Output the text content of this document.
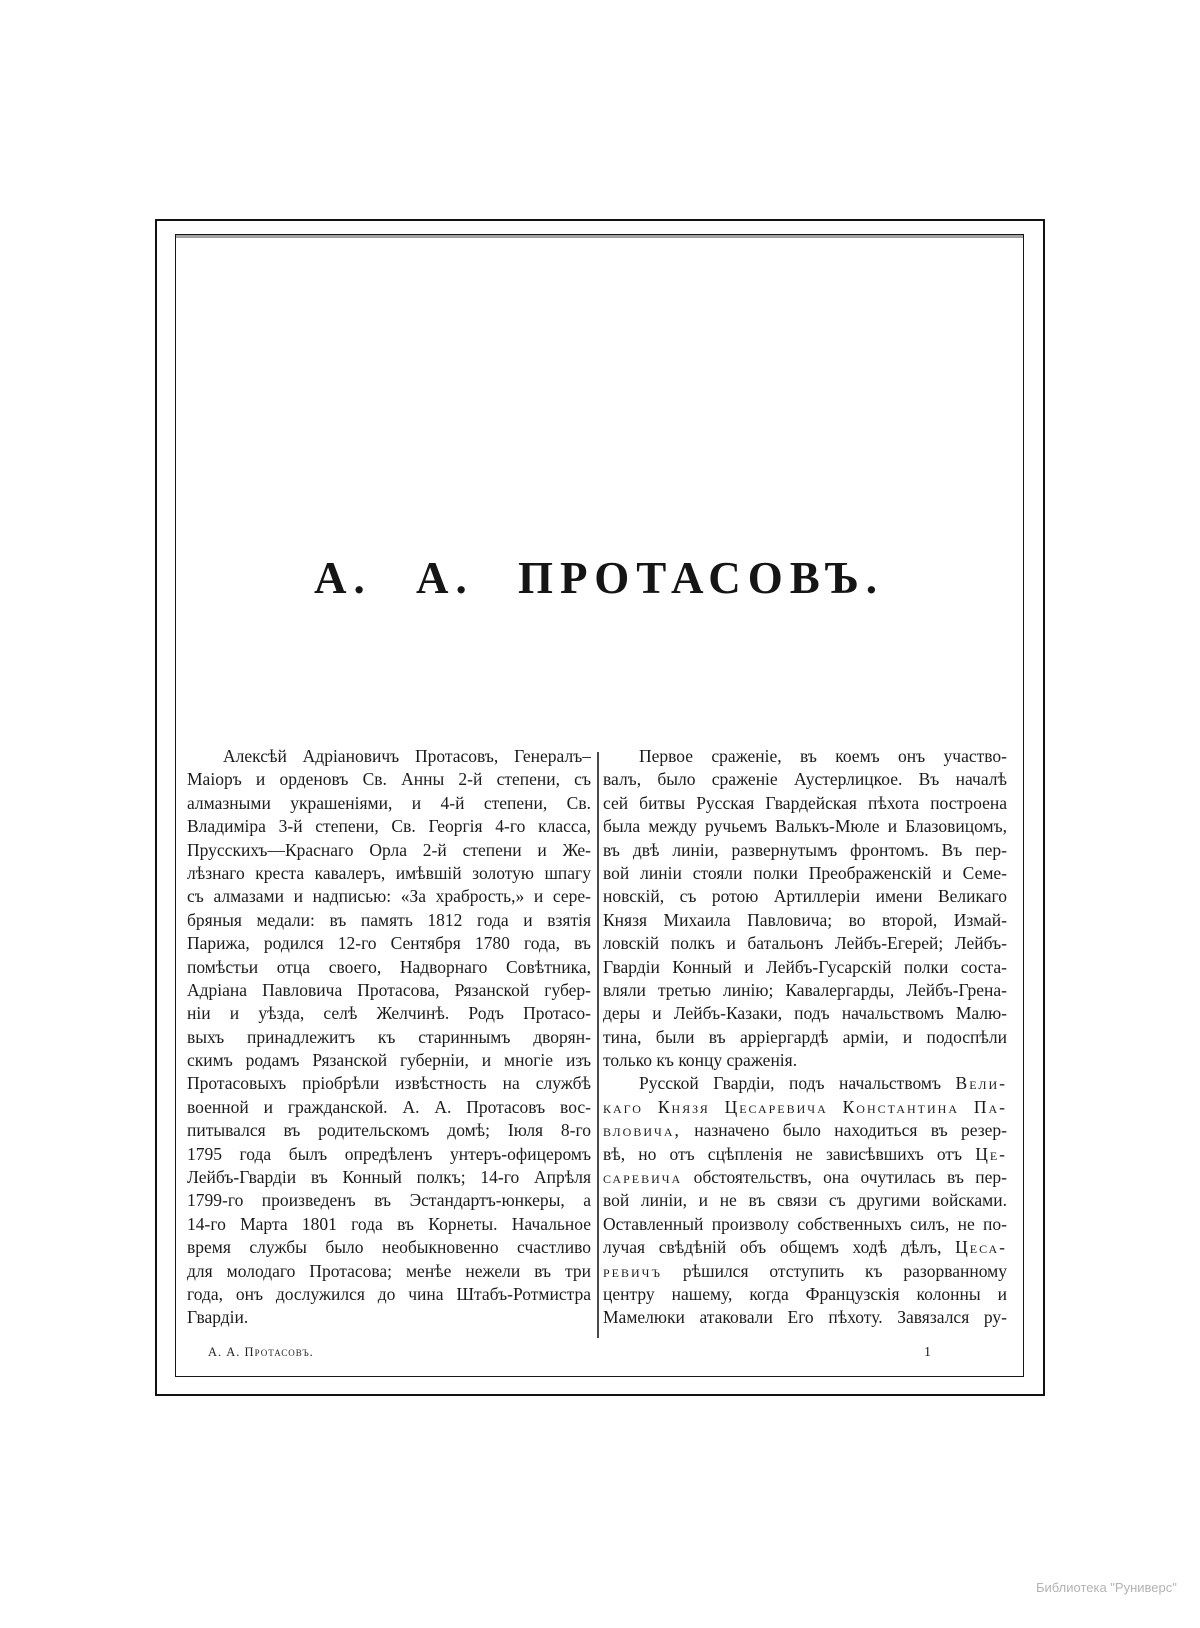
А. А. ПРОТАСОВЪ.
Алексѣй Адріановичъ Протасовъ, Генералъ–
Маіоръ и орденовъ Св. Анны 2-й степени, съ
алмазными украшеніями, и 4-й степени, Св.
Владиміра 3-й степени, Св. Георгія 4-го класса,
Прусскихъ—Краснаго Орла 2-й степени и Же-
лѣзнаго креста кавалеръ, имѣвшій золотую шпагу
съ алмазами и надписью: «За храбрость,» и сере-
бряныя медали: въ память 1812 года и взятія
Парижа, родился 12-го Сентября 1780 года, въ
помѣстьи отца своего, Надворнаго Совѣтника,
Адріана Павловича Протасова, Рязанской губер-
ніи и уѣзда, селѣ Желчинѣ. Родъ Протасо-
выхъ принадлежитъ къ стариннымъ дворян-
скимъ родамъ Рязанской губерніи, и многіе изъ
Протасовыхъ пріобрѣли извѣстность на службѣ
военной и гражданской. А. А. Протасовъ вос-
питывался въ родительскомъ домѣ; Іюля 8-го
1795 года былъ опредѣленъ унтеръ-офицеромъ
Лейбъ-Гвардіи въ Конный полкъ; 14-го Апрѣля
1799-го произведенъ въ Эстандартъ-юнкеры, а
14-го Марта 1801 года въ Корнеты. Начальное
время службы было необыкновенно счастливо
для молодаго Протасова; менѣе нежели въ три
года, онъ дослужился до чина Штабъ-Ротмистра
Гвардіи.
Первое сраженіе, въ коемъ онъ участво-
валъ, было сраженіе Аустерлицкое. Въ началѣ
сей битвы Русская Гвардейская пѣхота построена
была между ручьемъ Валькъ-Мюле и Блазовицомъ,
въ двѣ линіи, развернутымъ фронтомъ. Въ пер-
вой линіи стояли полки Преображенскій и Семе-
новскій, съ ротою Артиллеріи имени Великаго
Князя Михаила Павловича; во второй, Измай-
ловскій полкъ и батальонъ Лейбъ-Егерей; Лейбъ-
Гвардіи Конный и Лейбъ-Гусарскій полки соста-
вляли третью линію; Кавалергарды, Лейбъ-Грена-
деры и Лейбъ-Казаки, подъ начальствомъ Малю-
тина, были въ арріергардѣ арміи, и подоспѣли
только къ концу сраженія.
Русской Гвардіи, подъ начальствомъ Вели-
каго Князя Цесаревича Константина Па-
вловича, назначено было находиться въ резер-
вѣ, но отъ сцѣпленія не зависѣвшихъ отъ Це-
саревича обстоятельствъ, она очутилась въ пер-
вой линіи, и не въ связи съ другими войсками.
Оставленный произволу собственныхъ силъ, не по-
лучая свѣдѣній объ общемъ ходѣ дѣлъ, Цеса-
ревичъ рѣшился отступить къ разорванному
центру нашему, когда Французскія колонны и
Мамелюки атаковали Его пѣхоту. Завязался ру-
А. А. Протасовъ.	1
Библиотека "Руниверс"
